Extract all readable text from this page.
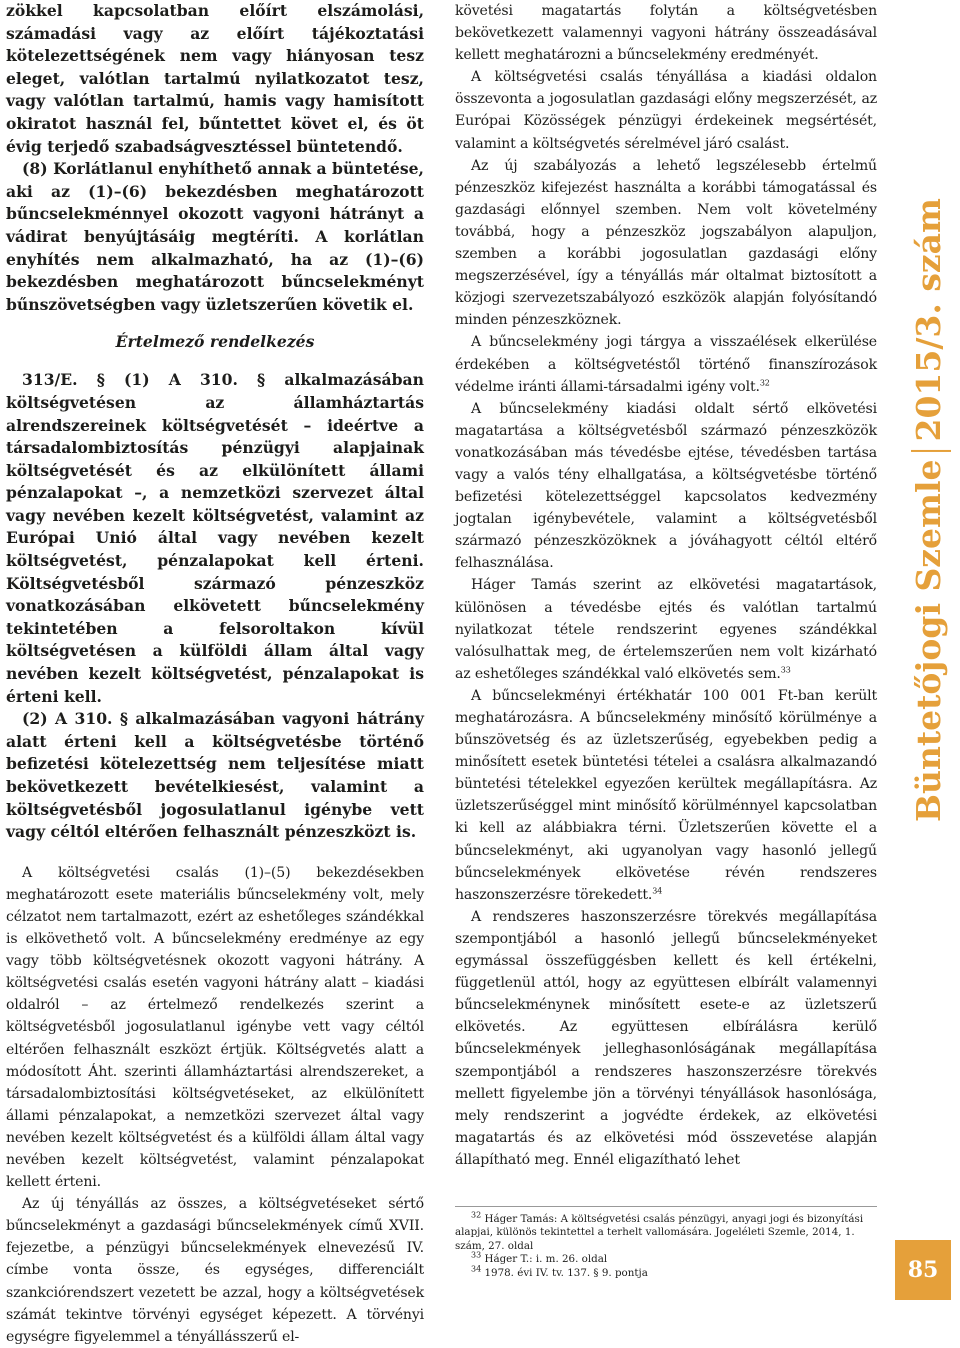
zökkel kapcsolatban előírt elszámolási, számadási vagy az előírt tájékoztatási kötelezettségének nem vagy hiányosan tesz eleget, valótlan tartalmú nyilatkozatot tesz, vagy valótlan tartalmú, hamis vagy hamisított okiratot használ fel, bűntettet követ el, és öt évig terjedő szabadságvesztéssel büntetendő.

(8) Korlátlanul enyhíthető annak a büntetése, aki az (1)–(6) bekezdésben meghatározott bűncselekménnyel okozott vagyoni hátrányt a vádirat benyújtásáig megtéríti. A korlátlan enyhítés nem alkalmazható, ha az (1)–(6) bekezdésben meghatározott bűncselekményt bűnszövetségben vagy üzletszerűen követik el.

Értelmező rendelkezés

313/E. § (1) A 310. § alkalmazásában költségvetésen az államháztartás alrendszereinek költségvetését – ideértve a társadalombiztosítás pénzügyi alapjainak költségvetését és az elkülönített állami pénzalapokat –, a nemzetközi szervezet által vagy nevében kezelt költségvetést, valamint az Európai Unió által vagy nevében kezelt költségvetést, pénzalapokat kell érteni. Költségvetésből származó pénzeszköz vonatkozásában elkövetett bűncselekmény tekintetében a felsoroltakon kívül költségvetésen a külföldi állam által vagy nevében kezelt költségvetést, pénzalapokat is érteni kell.

(2) A 310. § alkalmazásában vagyoni hátrány alatt érteni kell a költségvetésbe történő befizetési kötelezettség nem teljesítése miatt bekövetkezett bevételkiesést, valamint a költségvetésből jogosulatlanul igénybe vett vagy céltól eltérően felhasznált pénzeszközt is.

A költségvetési csalás (1)–(5) bekezdésekben meghatározott esete materiális bűncselekmény volt, mely célzatot nem tartalmazott, ezért az eshetőleges szándékkal is elkövethető volt. A bűncselekmény eredménye az egy vagy több költségvetésnek okozott vagyoni hátrány. A költségvetési csalás esetén vagyoni hátrány alatt – kiadási oldalról – az értelmező rendelkezés szerint a költségvetésből jogosulatlanul igénybe vett vagy céltól eltérően felhasznált eszközt értjük. Költségvetés alatt a módosított Áht. szerinti államháztartási alrendszereket, a társadalombiztosítási költségvetéseket, az elkülönített állami pénzalapokat, a nemzetközi szervezet által vagy nevében kezelt költségvetést és a külföldi állam által vagy nevében kezelt költségvetést, valamint pénzalapokat kellett érteni.

Az új tényállás az összes, a költségvetéseket sértő bűncselekményt a gazdasági bűncselekmények című XVII. fejezetbe, a pénzügyi bűncselekmények elnevezésű IV. címbe vonta össze, és egységes, differenciált szankciórendszert vezetett be azzal, hogy a költségvetések számát tekintve törvényi egységet képezett. A törvényi egységre figyelemmel a tényállásszerű el-

követési magatartás folytán a költségvetésben bekövetkezett valamennyi vagyoni hátrány összeadásával kellett meghatározni a bűncselekmény eredményét.

A költségvetési csalás tényállása a kiadási oldalon összevonta a jogosulatlan gazdasági előny megszerzését, az Európai Közösségek pénzügyi érdekeinek megsértését, valamint a költségvetés sérelmével járó csalást.

Az új szabályozás a lehető legszélesebb értelmű pénzeszköz kifejezést használta a korábbi támogatással és gazdasági előnnyel szemben. Nem volt követelmény továbbá, hogy a pénzeszköz jogszabályon alapuljon, szemben a korábbi jogosulatlan gazdasági előny megszerzésével, így a tényállás már oltalmat biztosított a közjogi szervezetszabályozó eszközök alapján folyósítandó minden pénzeszköznek.

A bűncselekmény jogi tárgya a visszaélések elkerülése érdekében a költségvetéstől történő finanszírozások védelme iránti állami-társadalmi igény volt.$^{32}$

A bűncselekmény kiadási oldalt sértő elkövetési magatartása a költségvetésből származó pénzeszközök vonatkozásában más tévedésbe ejtése, tévedésben tartása vagy a valós tény elhallgatása, a költségvetésbe történő befizetési kötelezettséggel kapcsolatos kedvezmény jogtalan igénybevétele, valamint a költségvetésből származó pénzeszközöknek a jóváhagyott céltól eltérő felhasználása.

Háger Tamás szerint az elkövetési magatartások, különösen a tévedésbe ejtés és valótlan tartalmú nyilatkozat tétele rendszerint egyenes szándékkal valósulhattak meg, de értelemszerűen nem volt kizárható az eshetőleges szándékkal való elkövetés sem.$^{33}$

A bűncselekményi értékhatár 100 001 Ft-ban került meghatározásra. A bűncselekmény minősítő körülménye a bűnszövetség és az üzletszerűség, egyebekben pedig a minősített esetek büntetési tételei a csalásra alkalmazandó büntetési tételekkel egyezően kerültek megállapításra. Az üzletszerűséggel mint minősítő körülménnyel kapcsolatban ki kell az alábbiakra térni. Üzletszerűen követte el a bűncselekményt, aki ugyanolyan vagy hasonló jellegű bűncselekmények elkövetése révén rendszeres haszonszerzésre törekedett.$^{34}$

A rendszeres haszonszerzésre törekvés megállapítása szempontjából a hasonló jellegű bűncselekményeket egymással összefüggésben kellett és kell értékelni, függetlenül attól, hogy az együttesen elbírált valamennyi bűncselekménynek minősített esete-e az üzletszerű elkövetés. Az együttesen elbírálásra kerülő bűncselekmények jelleghasonlóságának megállapítása szempontjából a rendszeres haszonszerzésre törekvés mellett figyelembe jön a törvényi tényállások hasonlósága, mely rendszerint a jogvédte érdekek, az elkövetési magatartás és az elkövetési mód összevetése alapján állapítható meg. Ennél eligazítható lehet

$^{32}$ Háger Tamás: A költségvetési csalás pénzügyi, anyagi jogi és bizonyítási alapjai, különös tekintettel a terhelt vallomására. Jogeléleti Szemle, 2014, 1. szám, 27. oldal

$^{33}$ Háger T.: i. m. 26. oldal

$^{34}$ 1978. évi IV. tv. 137. § 9. pontja

Büntetőjogi Szemle2015/3. szám
85
